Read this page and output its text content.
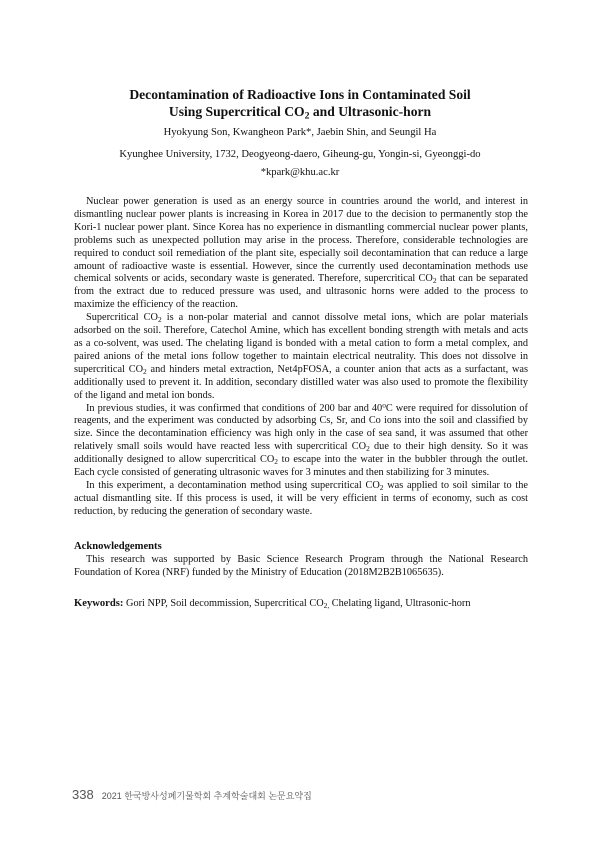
Decontamination of Radioactive Ions in Contaminated Soil
Using Supercritical $CO_2$ and Ultrasonic-horn
Hyokyung Son, Kwangheon Park*, Jaebin Shin, and Seungil Ha
Kyunghee University, 1732, Deogyeong-daero, Giheung-gu, Yongin-si, Gyeonggi-do
*kpark@khu.ac.kr

Nuclear power generation is used as an energy source in countries around the world, and interest in dismantling nuclear power plants is increasing in Korea in 2017 due to the decision to permanently stop the Kori-1 nuclear power plant. Since Korea has no experience in dismantling commercial nuclear power plants, problems such as unexpected pollution may arise in the process. Therefore, considerable technologies are required to conduct soil remediation of the plant site, especially soil decontamination that can reduce a large amount of radioactive waste is essential. However, since the currently used decontamination methods use chemical solvents or acids, secondary waste is generated. Therefore, supercritical $CO_2$ that can be separated from the extract due to reduced pressure was used, and ultrasonic horns were added to the process to maximize the efficiency of the reaction.

Supercritical $CO_2$ is a non-polar material and cannot dissolve metal ions, which are polar materials adsorbed on the soil. Therefore, Catechol Amine, which has excellent bonding strength with metals and acts as a co-solvent, was used. The chelating ligand is bonded with a metal cation to form a metal complex, and paired anions of the metal ions follow together to maintain electrical neutrality. This does not dissolve in supercritical $CO_2$ and hinders metal extraction, Net4pFOSA, a counter anion that acts as a surfactant, was additionally used to prevent it. In addition, secondary distilled water was also used to promote the flexibility of the ligand and metal ion bonds.

In previous studies, it was confirmed that conditions of 200 bar and 40$^o$C were required for dissolution of reagents, and the experiment was conducted by adsorbing Cs, Sr, and Co ions into the soil and classified by size. Since the decontamination efficiency was high only in the case of sea sand, it was assumed that other relatively small soils would have reacted less with supercritical $CO_2$ due to their high density. So it was additionally designed to allow supercritical $CO_2$ to escape into the water in the bubbler through the outlet. Each cycle consisted of generating ultrasonic waves for 3 minutes and then stabilizing for 3 minutes.

In this experiment, a decontamination method using supercritical $CO_2$ was applied to soil similar to the actual dismantling site. If this process is used, it will be very efficient in terms of economy, such as cost reduction, by reducing the generation of secondary waste.

Acknowledgements

This research was supported by Basic Science Research Program through the National Research Foundation of Korea (NRF) funded by the Ministry of Education (2018M2B2B1065635).

Keywords: Gori NPP, Soil decommission, Supercritical $CO_{2,}$ Chelating ligand, Ultrasonic-horn
338 2021 한국방사성폐기물학회 추계학술대회 논문요약집
